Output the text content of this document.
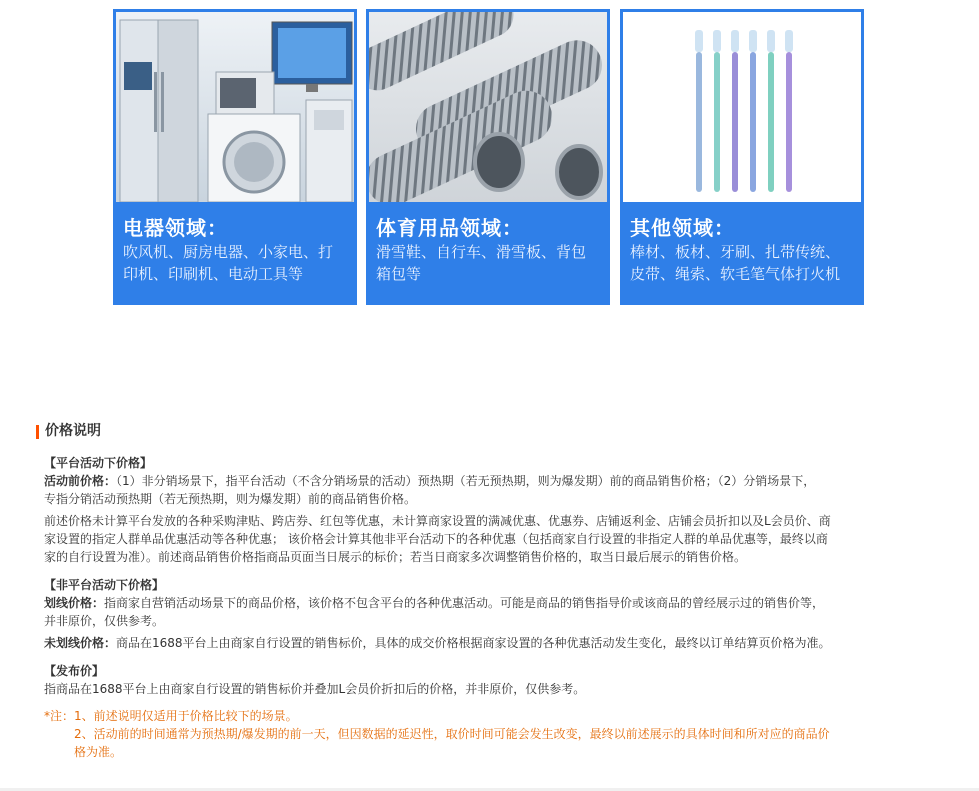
电器领域：
吹风机、厨房电器、小家电、打
印机、印刷机、电动工具等
体育用品领域：
滑雪鞋、自行车、滑雪板、背包
箱包等
其他领域：
棒材、板材、牙刷、扎带传统、
皮带、绳索、软毛笔气体打火机
价格说明
【平台活动下价格】
活动前价格：（1）非分销场景下，指平台活动（不含分销场景的活动）预热期（若无预热期，则为爆发期）前的商品销售价格；（2）分销场景下，
专指分销活动预热期（若无预热期，则为爆发期）前的商品销售价格。
前述价格未计算平台发放的各种采购津贴、跨店券、红包等优惠，未计算商家设置的满减优惠、优惠券、店铺返利金、店铺会员折扣以及L会员价、商
家设置的指定人群单品优惠活动等各种优惠； 该价格会计算其他非平台活动下的各种优惠（包括商家自行设置的非指定人群的单品优惠等，最终以商
家的自行设置为准）。前述商品销售价格指商品页面当日展示的标价；若当日商家多次调整销售价格的，取当日最后展示的销售价格。
【非平台活动下价格】
划线价格：指商家自营销活动场景下的商品价格，该价格不包含平台的各种优惠活动。可能是商品的销售指导价或该商品的曾经展示过的销售价等，
并非原价，仅供参考。
未划线价格：商品在1688平台上由商家自行设置的销售标价，具体的成交价格根据商家设置的各种优惠活动发生变化，最终以订单结算页价格为准。
【发布价】
指商品在1688平台上由商家自行设置的销售标价并叠加L会员价折扣后的价格，并非原价，仅供参考。
*注：1、前述说明仅适用于价格比较下的场景。
2、活动前的时间通常为预热期/爆发期的前一天，但因数据的延迟性，取价时间可能会发生改变，最终以前述展示的具体时间和所对应的商品价
格为准。
